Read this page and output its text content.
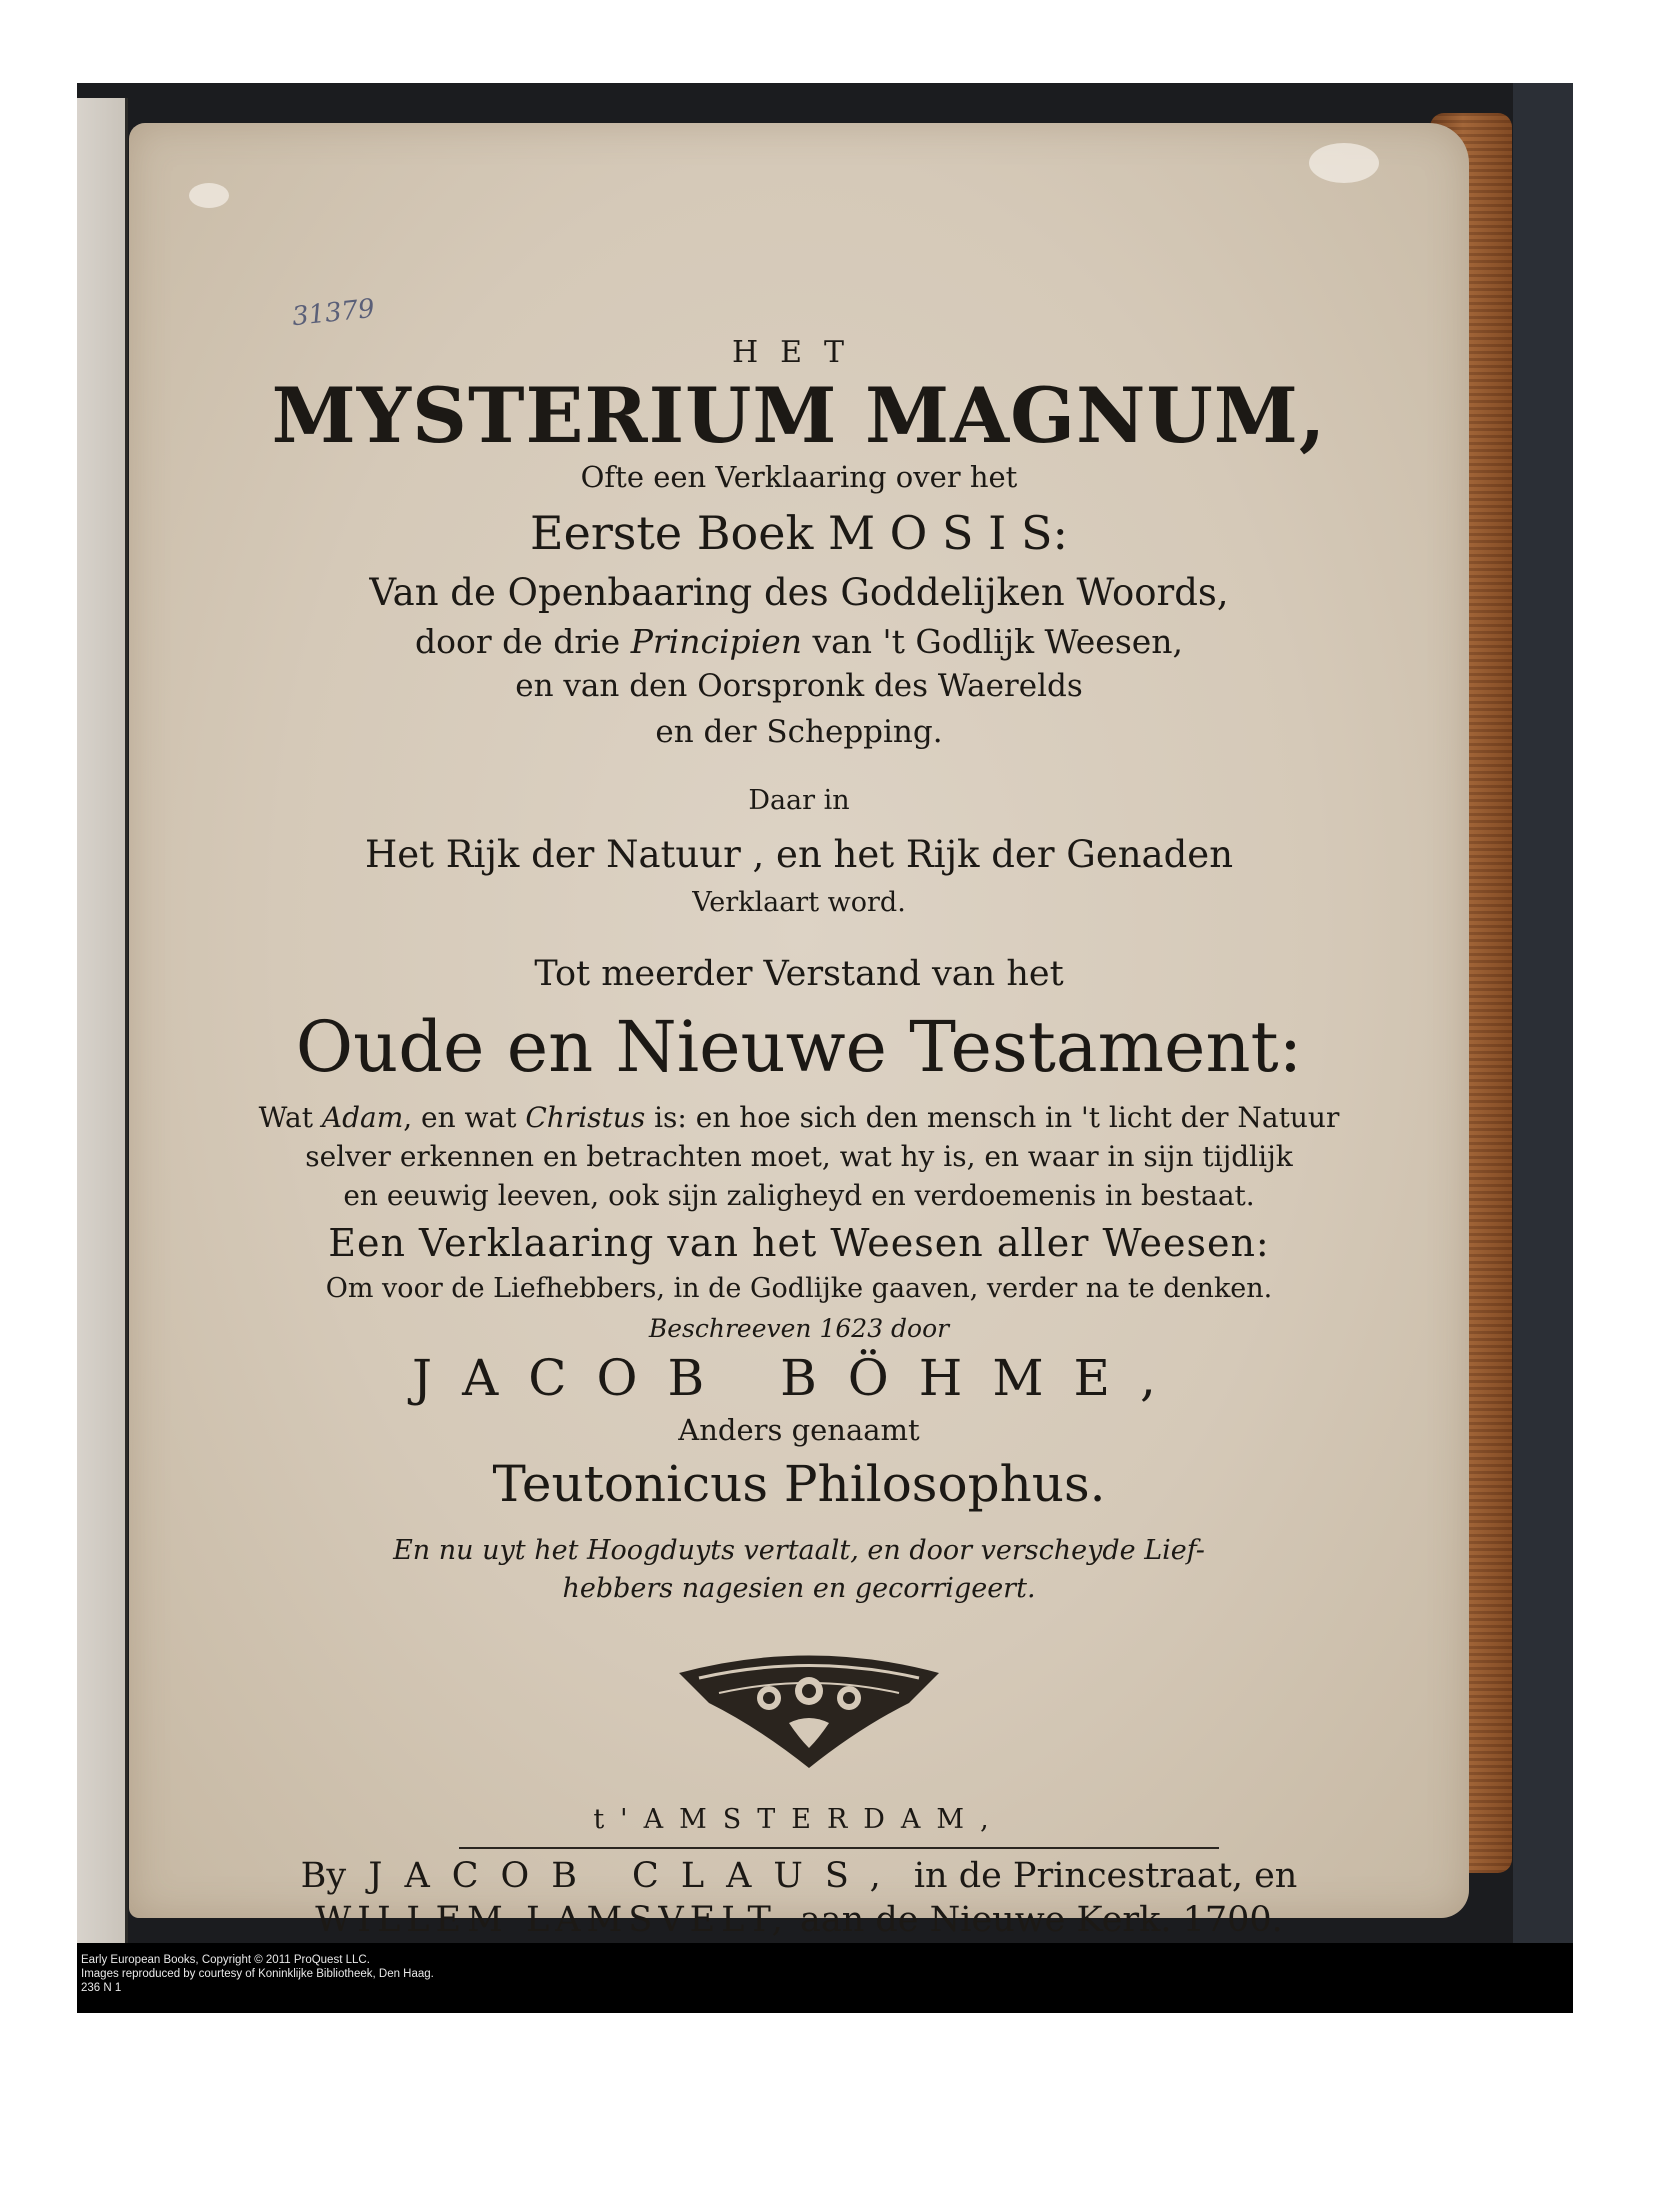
31379
HET
MYSTERIUM MAGNUM,
Ofte een Verklaaring over het
Eerste Boek M O S I S:
Van de Openbaaring des Goddelijken Woords,
door de drie Principien van 't Godlijk Weesen,
en van den Oorspronk des Waerelds
en der Schepping.
Daar in
Het Rijk der Natuur , en het Rijk der Genaden
Verklaart word.
Tot meerder Verstand van het
Oude en Nieuwe Testament:
Wat Adam, en wat Christus is: en hoe sich den mensch in 't licht der Natuur
selver erkennen en betrachten moet, wat hy is, en waar in sijn tijdlijk
en eeuwig leeven, ook sijn zaligheyd en verdoemenis in bestaat.
Een Verklaaring van het Weesen aller Weesen:
Om voor de Liefhebbers, in de Godlijke gaaven, verder na te denken.
Beschreeven 1623 door
JACOB BÖHME,
Anders genaamt
Teutonicus Philosophus.
En nu uyt het Hoogduyts vertaalt, en door verscheyde Lief-
hebbers nagesien en gecorrigeert.
t'AMSTERDAM,
By JACOB CLAUS, in de Princestraat, en
WILLEM LAMSVELT, aan de Nieuwe Kerk. 1700.
Early European Books, Copyright © 2011 ProQuest LLC.
Images reproduced by courtesy of Koninklijke Bibliotheek, Den Haag.
236 N 1
